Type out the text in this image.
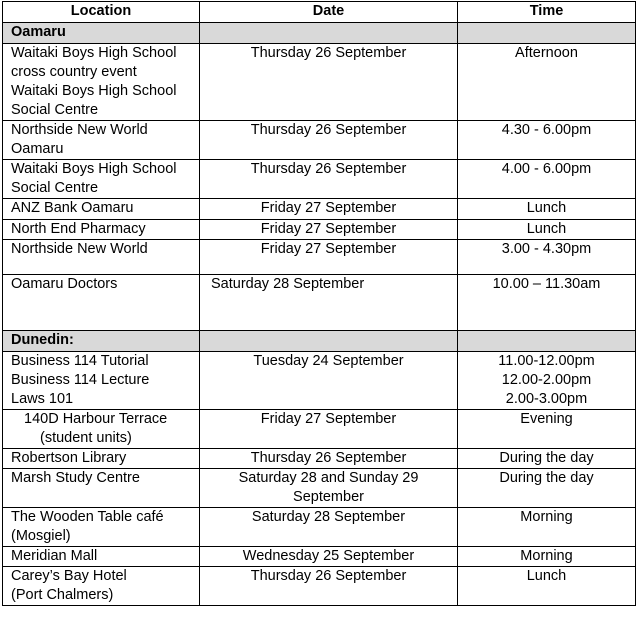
Location	Date	Time
Oamaru		

Waitaki Boys High School cross country event
Waitaki Boys High School Social Centre	Thursday 26 September	Afternoon

Northside New World Oamaru	Thursday 26 September	4.30 - 6.00pm

Waitaki Boys High School Social Centre	Thursday 26 September	4.00 - 6.00pm

ANZ Bank Oamaru	Friday 27 September	Lunch

North End Pharmacy	Friday 27 September	Lunch

Northside New World	Friday 27 September	3.00 - 4.30pm

Oamaru Doctors	Saturday 28 September	10.00 – 11.30am

Dunedin:		

Business 114 Tutorial
Business 114 Lecture
Laws 101	Tuesday 24 September	11.00-12.00pm
12.00-2.00pm
2.00-3.00pm

140D Harbour Terrace
(student units)	Friday 27 September	Evening

Robertson Library	Thursday 26 September	During the day

Marsh Study Centre	Saturday 28 and Sunday 29 September	During the day

The Wooden Table café
(Mosgiel)	Saturday 28 September	Morning

Meridian Mall	Wednesday 25 September	Morning

Carey’s Bay Hotel
(Port Chalmers)	Thursday 26 September	Lunch
